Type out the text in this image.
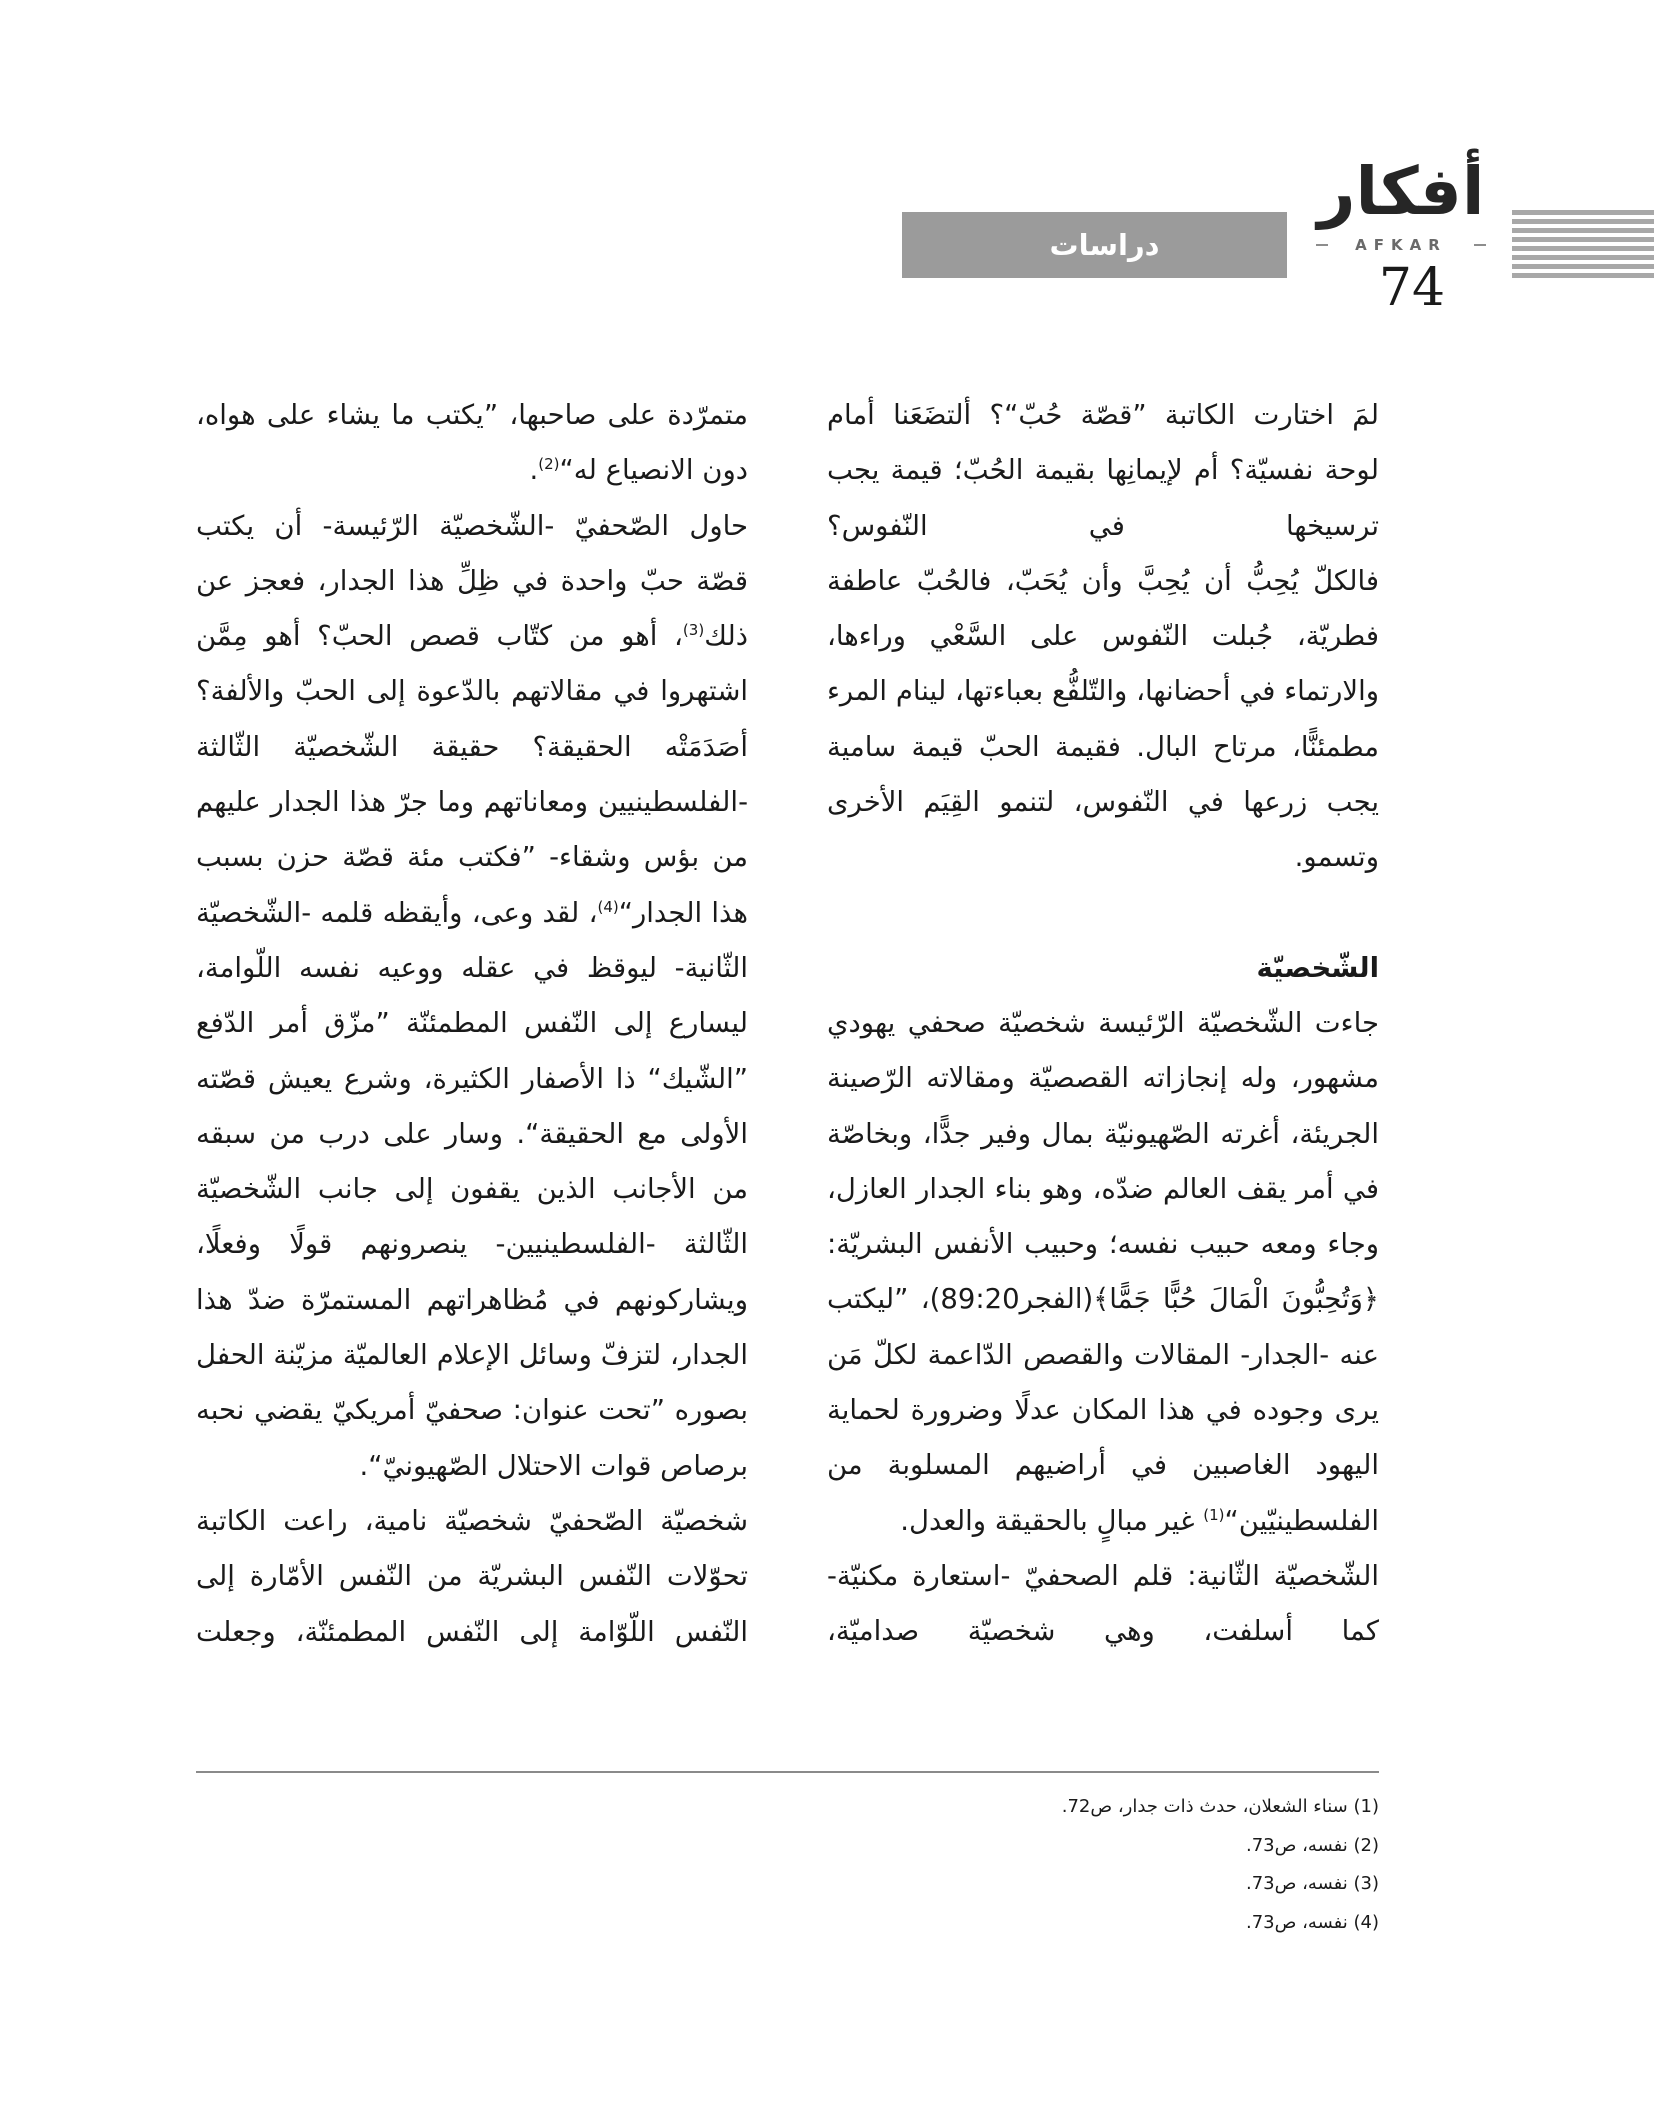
دراسات
أفكار
AFKAR
74

لمَ اختارت الكاتبة ”قصّة حُبّ“؟ ألتضَعَنا أمام لوحة نفسيّة؟ أم لإيمانِها بقيمة الحُبّ؛ قيمة يجب ترسيخها في النّفوس؟

فالكلّ يُحِبُّ أن يُحِبَّ وأن يُحَبّ، فالحُبّ عاطفة فطريّة، جُبلت النّفوس على السَّعْي وراءها، والارتماء في أحضانها، والتّلفُّع بعباءتها، لينام المرء مطمئنًّا، مرتاح البال. فقيمة الحبّ قيمة سامية يجب زرعها في النّفوس، لتنمو القِيَم الأخرى وتسمو.

الشّخصيّة

جاءت الشّخصيّة الرّئيسة شخصيّة صحفي يهودي مشهور، وله إنجازاته القصصيّة ومقالاته الرّصينة الجريئة، أغرته الصّهيونيّة بمال وفير جدًّا، وبخاصّة في أمر يقف العالم ضدّه، وهو بناء الجدار العازل، وجاء ومعه حبيب نفسه؛ وحبيب الأنفس البشريّة: ﴿وَتُحِبُّونَ الْمَالَ حُبًّا جَمًّا﴾(الفجر89:20)، ”ليكتب عنه -الجدار- المقالات والقصص الدّاعمة لكلّ مَن يرى وجوده في هذا المكان عدلًا وضرورة لحماية اليهود الغاصبين في أراضيهم المسلوبة من الفلسطينيّين“$^{(1)}$ غير مبالٍ بالحقيقة والعدل.

الشّخصيّة الثّانية: قلم الصحفيّ -استعارة مكنيّة- كما أسلفت، وهي شخصيّة صداميّة،

متمرّدة على صاحبها، ”يكتب ما يشاء على هواه، دون الانصياع له“$^{(2)}$.

حاول الصّحفيّ -الشّخصيّة الرّئيسة- أن يكتب قصّة حبّ واحدة في ظِلِّ هذا الجدار، فعجز عن ذلك$^{(3)}$، أهو من كتّاب قصص الحبّ؟ أهو مِمَّن اشتهروا في مقالاتهم بالدّعوة إلى الحبّ والألفة؟ أصَدَمَتْه الحقيقة؟ حقيقة الشّخصيّة الثّالثة -الفلسطينيين ومعاناتهم وما جرّ هذا الجدار عليهم من بؤس وشقاء- ”فكتب مئة قصّة حزن بسبب هذا الجدار“$^{(4)}$، لقد وعى، وأيقظه قلمه -الشّخصيّة الثّانية- ليوقظ في عقله ووعيه نفسه اللّوامة، ليسارع إلى النّفس المطمئنّة ”مزّق أمر الدّفع ”الشّيك“ ذا الأصفار الكثيرة، وشرع يعيش قصّته الأولى مع الحقيقة“. وسار على درب من سبقه من الأجانب الذين يقفون إلى جانب الشّخصيّة الثّالثة -الفلسطينيين- ينصرونهم قولًا وفعلًا، ويشاركونهم في مُظاهراتهم المستمرّة ضدّ هذا الجدار، لتزفّ وسائل الإعلام العالميّة مزيّنة الحفل بصوره ”تحت عنوان: صحفيّ أمريكيّ يقضي نحبه برصاص قوات الاحتلال الصّهيونيّ“.

شخصيّة الصّحفيّ شخصيّة نامية، راعت الكاتبة تحوّلات النّفس البشريّة من النّفس الأمّارة إلى النّفس اللّوّامة إلى النّفس المطمئنّة، وجعلت

(1) سناء الشعلان، حدث ذات جدار، ص72.
(2) نفسه، ص73.
(3) نفسه، ص73.
(4) نفسه، ص73.
